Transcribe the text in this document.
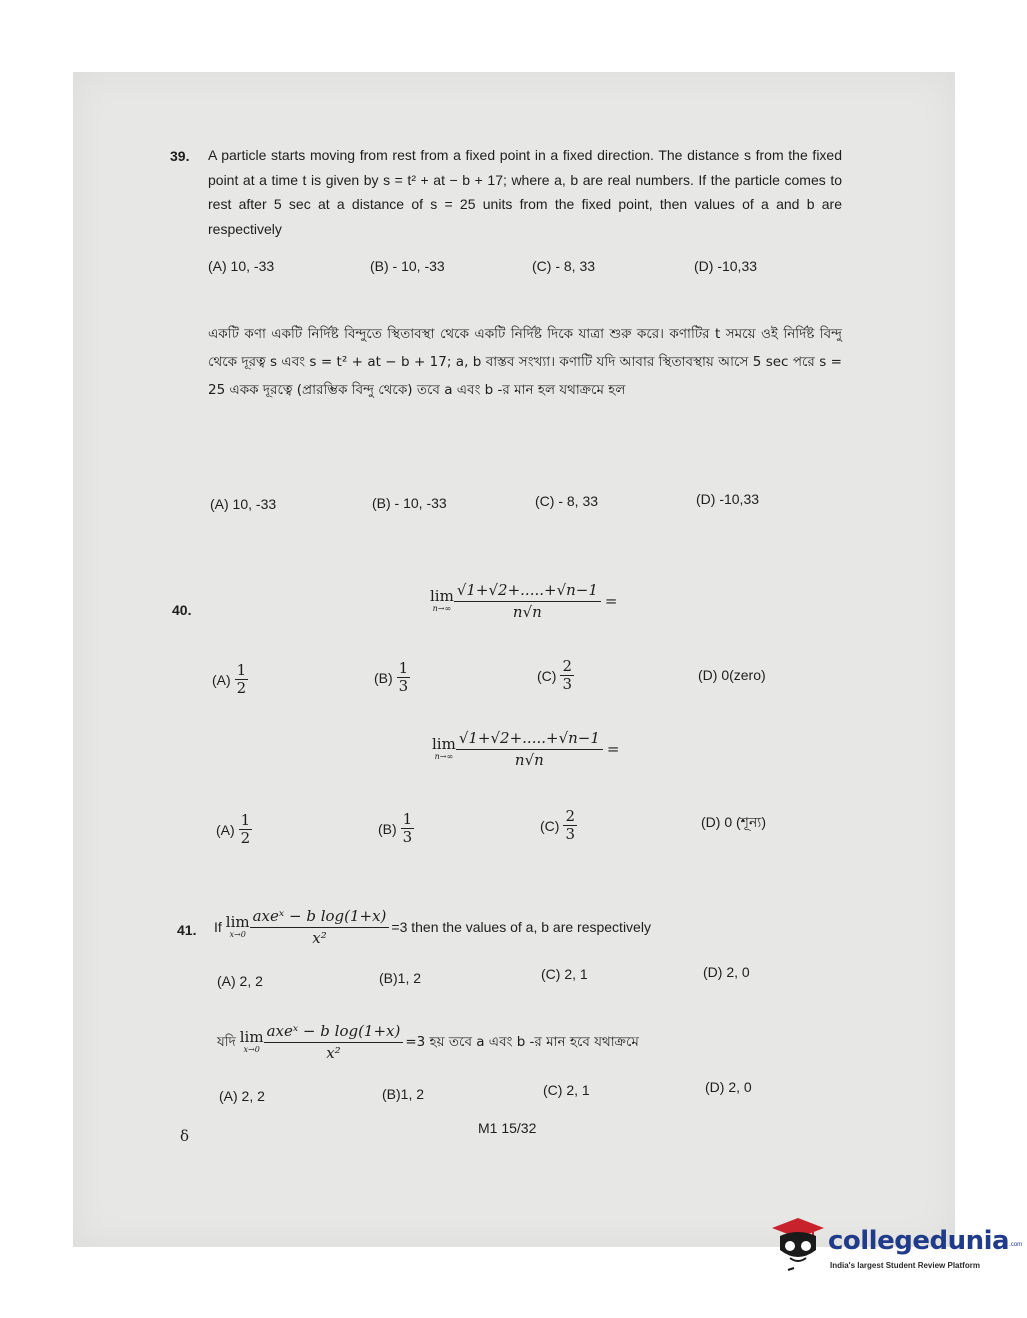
39. A particle starts moving from rest from a fixed point in a fixed direction. The distance s from the fixed point at a time t is given by s = t² + at − b + 17; where a, b are real numbers. If the particle comes to rest after 5 sec at a distance of s = 25 units from the fixed point, then values of a and b are respectively
(A) 10, -33	(B) - 10, -33	(C) - 8, 33	(D) -10,33
একটি কণা একটি নির্দিষ্ট বিন্দুতে স্থিতাবস্থা থেকে একটি নির্দিষ্ট দিকে যাত্রা শুরু করে। কণাটির t সময়ে ওই নির্দিষ্ট বিন্দু থেকে দূরত্ব s এবং s = t² + at − b + 17; a, b বাস্তব সংখ্যা। কণাটি যদি আবার স্থিতাবস্থায় আসে 5 sec পরে s = 25 একক দূরত্বে (প্রারম্ভিক বিন্দু থেকে) তবে a এবং b -র মান হল যথাক্রমে হল
(A) 10, -33	(B) - 10, -33	(C) - 8, 33	(D) -10,33
40.
lim
$n\to\infty \frac{√1+√2+.....+√n-1}{n√n}$ =
$(A) \frac{1}{2}$	$(B) \frac{1}{3}$	$(C) \frac{2}{3}$	(D) 0(zero)
lim
$n\to\infty \frac{√1+√2+.....+√n-1}{n√n}$ =
$(A) \frac{1}{2}$	$(B) \frac{1}{3}$	$(C) \frac{2}{3}$	(D) 0 (শূন্য)
41. If lim
$x\to 0 \frac{\text{axeˣ − b log(1+x)}}{\text{x²}} =3$ then the values of a, b are respectively
(A) 2, 2	(B)1, 2	(C) 2, 1	(D) 2, 0
যদি lim
$x\to 0 \frac{\text{axeˣ − b log(1+x)}}{\text{x²}} =3$ হয় তবে a এবং b -র মান হবে যথাক্রমে
(A) 2, 2	(B)1, 2	(C) 2, 1	(D) 2, 0
δ	M1 15/32
collegedunia.com
India's largest Student Review Platform
